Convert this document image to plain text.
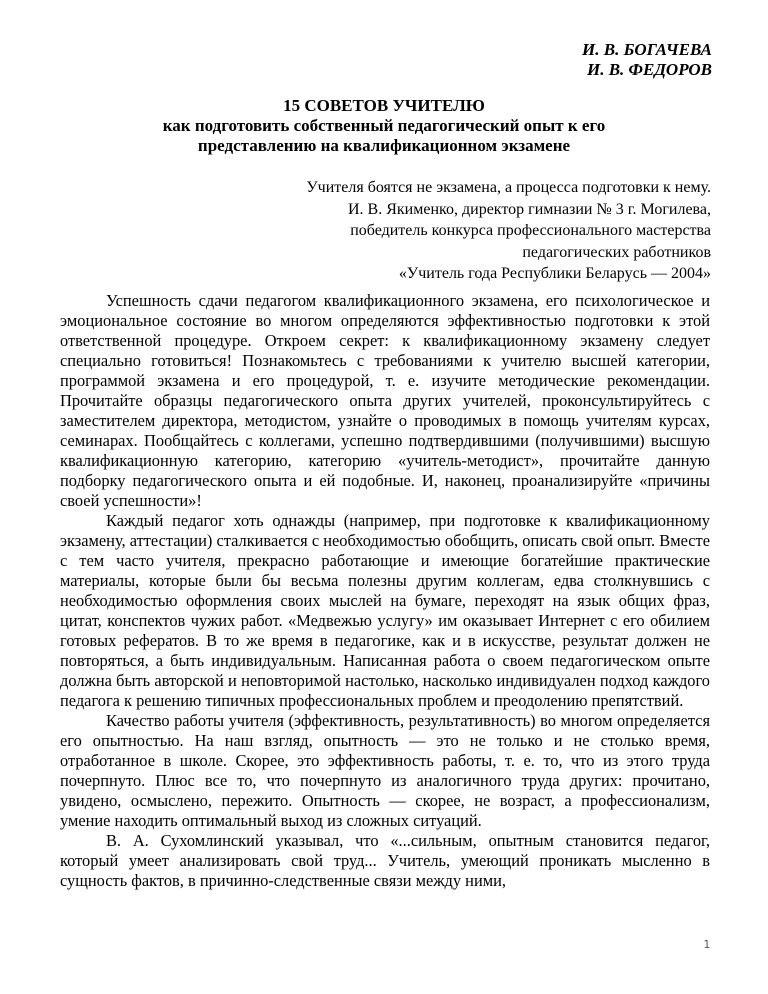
И. В. БОГАЧЕВА
И. В. ФЕДОРОВ
15 СОВЕТОВ УЧИТЕЛЮ
как подготовить собственный педагогический опыт к его
представлению на квалификационном экзамене
Учителя боятся не экзамена, а процесса подготовки к нему.
И. В. Якименко, директор гимназии № 3 г. Могилева,
победитель конкурса профессионального мастерства
педагогических работников
«Учитель года Республики Беларусь — 2004»

Успешность сдачи педагогом квалификационного экзамена, его психологическое и эмоциональное состояние во многом определяются эффективностью подготовки к этой ответственной процедуре. Откроем секрет: к квалификационному экзамену следует специально готовиться! Познакомьтесь с требованиями к учителю высшей категории, программой экзамена и его процедурой, т. е. изучите методические рекомендации. Прочитайте образцы педагогического опыта других учителей, проконсультируйтесь с заместителем директора, методистом, узнайте о проводимых в помощь учителям курсах, семинарах. Пообщайтесь с коллегами, успешно подтвердившими (получившими) высшую квалификационную категорию, категорию «учитель-методист», прочитайте данную подборку педагогического опыта и ей подобные. И, наконец, проанализируйте «причины своей успешности»!

Каждый педагог хоть однажды (например, при подготовке к квалификационному экзамену, аттестации) сталкивается с необходимостью обобщить, описать свой опыт. Вместе с тем часто учителя, прекрасно работающие и имеющие богатейшие практические материалы, которые были бы весьма полезны другим коллегам, едва столкнувшись с необходимостью оформления своих мыслей на бумаге, переходят на язык общих фраз, цитат, конспектов чужих работ. «Медвежью услугу» им оказывает Интернет с его обилием готовых рефератов. В то же время в педагогике, как и в искусстве, результат должен не повторяться, а быть индивидуальным. Написанная работа о своем педагогическом опыте должна быть авторской и неповторимой настолько, насколько индивидуален подход каждого педагога к решению типичных профессиональных проблем и преодолению препятствий.

Качество работы учителя (эффективность, результативность) во многом определяется его опытностью. На наш взгляд, опытность — это не только и не столько время, отработанное в школе. Скорее, это эффективность работы, т. е. то, что из этого труда почерпнуто. Плюс все то, что почерпнуто из аналогичного труда других: прочитано, увидено, осмыслено, пережито. Опытность — скорее, не возраст, а профессионализм, умение находить оптимальный выход из сложных ситуаций.

В. А. Сухомлинский указывал, что «...сильным, опытным становится педагог, который умеет анализировать свой труд... Учитель, умеющий проникать мысленно в сущность фактов, в причинно-следственные связи между ними,

1
